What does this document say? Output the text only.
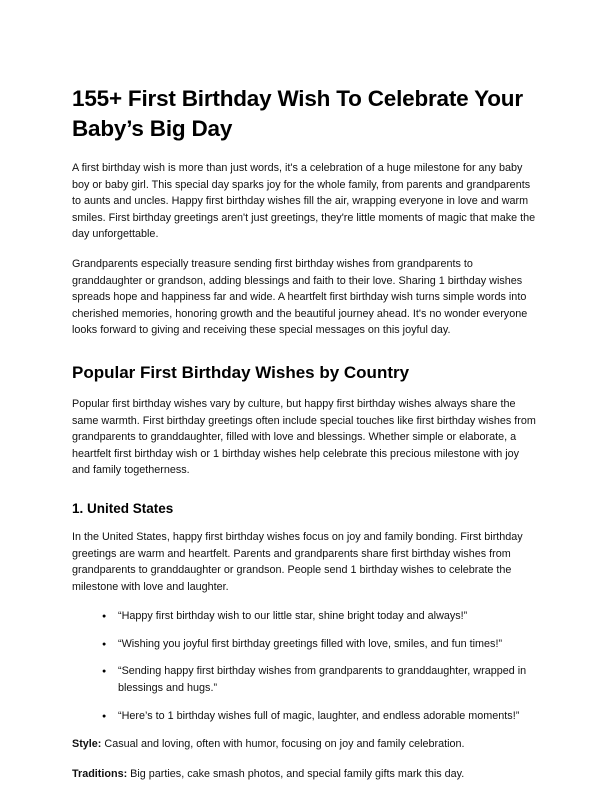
155+ First Birthday Wish To Celebrate Your Baby’s Big Day

A first birthday wish is more than just words, it's a celebration of a huge milestone for any baby boy or baby girl. This special day sparks joy for the whole family, from parents and grandparents to aunts and uncles. Happy first birthday wishes fill the air, wrapping everyone in love and warm smiles. First birthday greetings aren't just greetings, they're little moments of magic that make the day unforgettable.

Grandparents especially treasure sending first birthday wishes from grandparents to granddaughter or grandson, adding blessings and faith to their love. Sharing 1 birthday wishes spreads hope and happiness far and wide. A heartfelt first birthday wish turns simple words into cherished memories, honoring growth and the beautiful journey ahead. It's no wonder everyone looks forward to giving and receiving these special messages on this joyful day.

Popular First Birthday Wishes by Country

Popular first birthday wishes vary by culture, but happy first birthday wishes always share the same warmth. First birthday greetings often include special touches like first birthday wishes from grandparents to granddaughter, filled with love and blessings. Whether simple or elaborate, a heartfelt first birthday wish or 1 birthday wishes help celebrate this precious milestone with joy and family togetherness.

1. United States

In the United States, happy first birthday wishes focus on joy and family bonding. First birthday greetings are warm and heartfelt. Parents and grandparents share first birthday wishes from grandparents to granddaughter or grandson. People send 1 birthday wishes to celebrate the milestone with love and laughter.

● “Happy first birthday wish to our little star, shine bright today and always!”
● “Wishing you joyful first birthday greetings filled with love, smiles, and fun times!”
● “Sending happy first birthday wishes from grandparents to granddaughter, wrapped in blessings and hugs.”
● “Here’s to 1 birthday wishes full of magic, laughter, and endless adorable moments!”

Style: Casual and loving, often with humor, focusing on joy and family celebration.

Traditions: Big parties, cake smash photos, and special family gifts mark this day.
